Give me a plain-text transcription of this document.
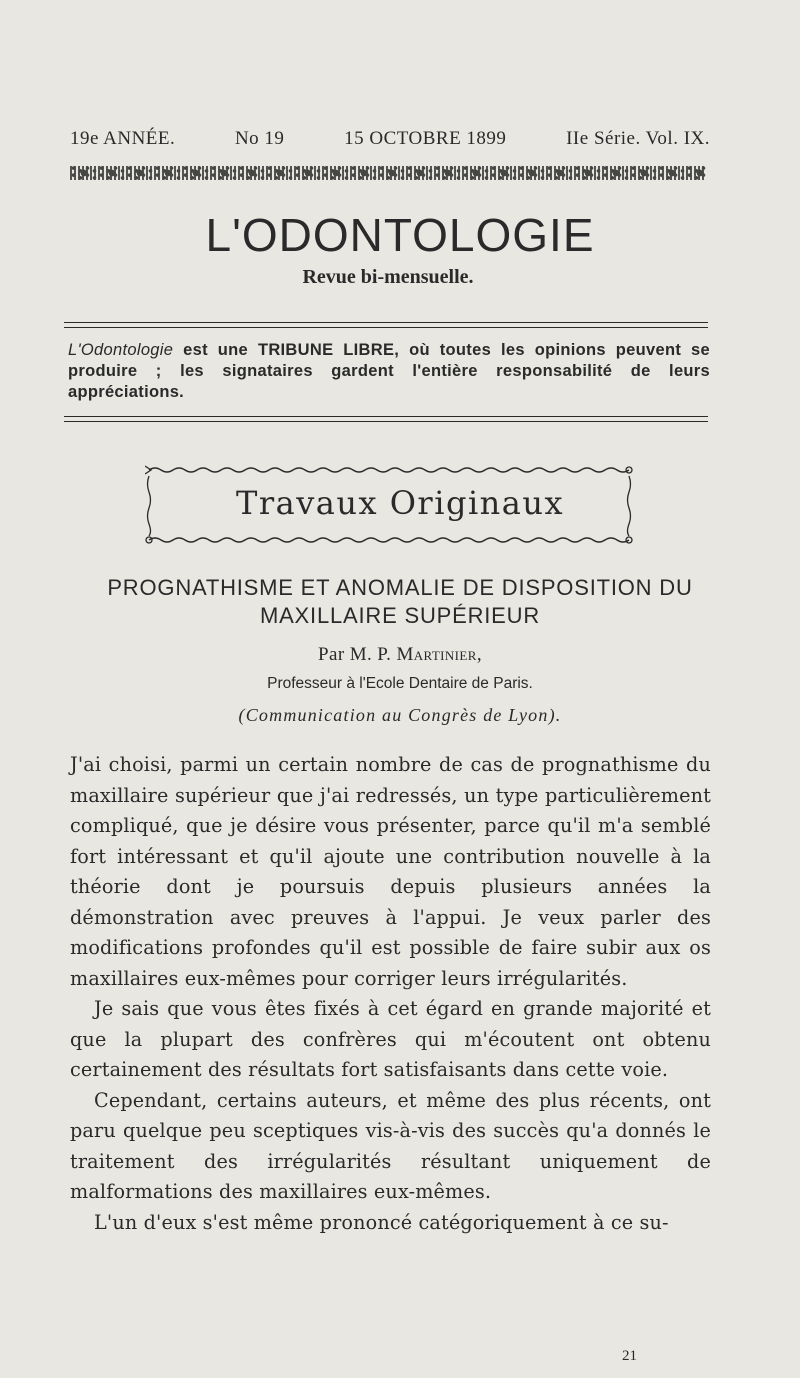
19e ANNÉE.	No 19	15 OCTOBRE 1899	IIe Série. Vol. IX.
L'ODONTOLOGIE
Revue bi-mensuelle.
L'Odontologie est une TRIBUNE LIBRE, où toutes les opinions peuvent se produire ; les signataires gardent l'entière responsabilité de leurs appréciations.
Travaux Originaux
PROGNATHISME ET ANOMALIE DE DISPOSITION DU
MAXILLAIRE SUPÉRIEUR
Par M. P. Martinier,
Professeur à l'Ecole Dentaire de Paris.
(Communication au Congrès de Lyon).

J'ai choisi, parmi un certain nombre de cas de prognathisme du maxillaire supérieur que j'ai redressés, un type particulièrement compliqué, que je désire vous présenter, parce qu'il m'a semblé fort intéressant et qu'il ajoute une contribution nouvelle à la théorie dont je poursuis depuis plusieurs années la démonstration avec preuves à l'appui. Je veux parler des modifications profondes qu'il est possible de faire subir aux os maxillaires eux-mêmes pour corriger leurs irrégularités.

Je sais que vous êtes fixés à cet égard en grande majorité et que la plupart des confrères qui m'écoutent ont obtenu certainement des résultats fort satisfaisants dans cette voie.

Cependant, certains auteurs, et même des plus récents, ont paru quelque peu sceptiques vis-à-vis des succès qu'a donnés le traitement des irrégularités résultant uniquement de malformations des maxillaires eux-mêmes.

L'un d'eux s'est même prononcé catégoriquement à ce su-

21
